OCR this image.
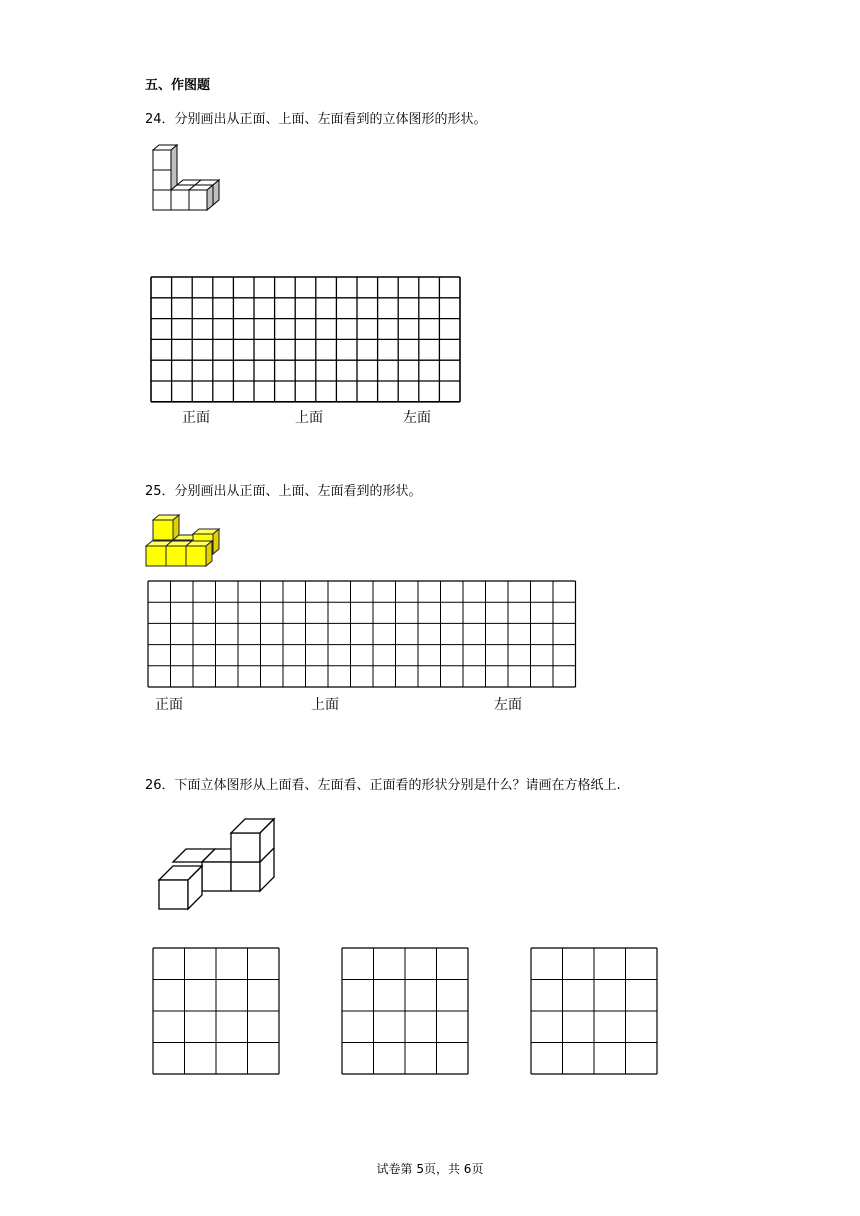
五、作图题
24．分别画出从正面、上面、左面看到的立体图形的形状。
正面	上面	左面
25．分别画出从正面、上面、左面看到的形状。
正面	上面	左面
26．下面立体图形从上面看、左面看、正面看的形状分别是什么？请画在方格纸上.
试卷第 5页，共 6页
